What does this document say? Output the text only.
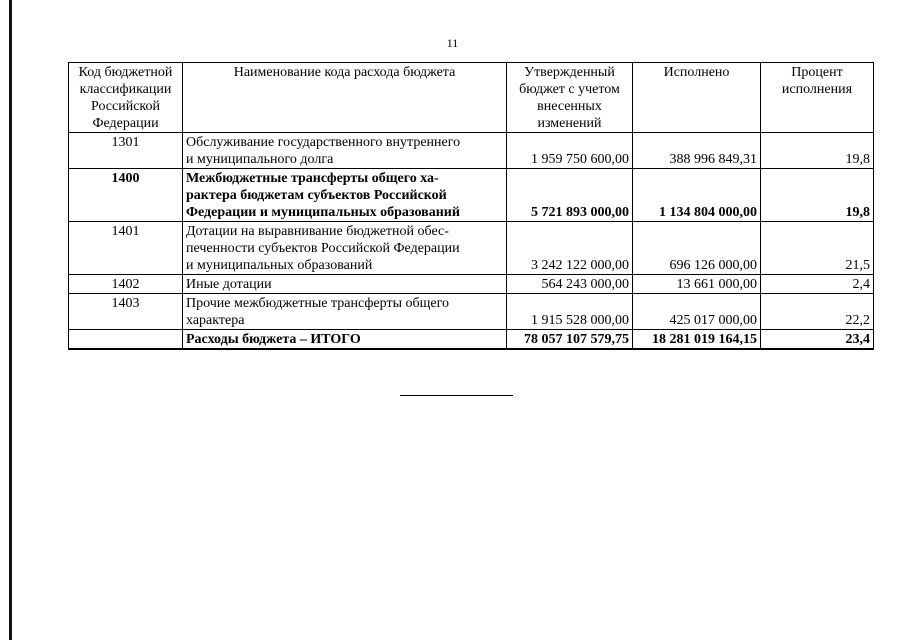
11
Код бюджетной
классификации
Российской
Федерации	Наименование кода расхода бюджета	Утвержденный
бюджет с учетом
внесенных
изменений	Исполнено	Процент
исполнения
1301	Обслуживание государственного внутреннего
и муниципального долга	1 959 750 600,00	388 996 849,31	19,8
1400	Межбюджетные трансферты общего ха-
рактера бюджетам субъектов Российской
Федерации и муниципальных образований	5 721 893 000,00	1 134 804 000,00	19,8
1401	Дотации на выравнивание бюджетной обес-
печенности субъектов Российской Федерации
и муниципальных образований	3 242 122 000,00	696 126 000,00	21,5
1402	Иные дотации	564 243 000,00	13 661 000,00	2,4
1403	Прочие межбюджетные трансферты общего
характера	1 915 528 000,00	425 017 000,00	22,2
	Расходы бюджета – ИТОГО	78 057 107 579,75	18 281 019 164,15	23,4
